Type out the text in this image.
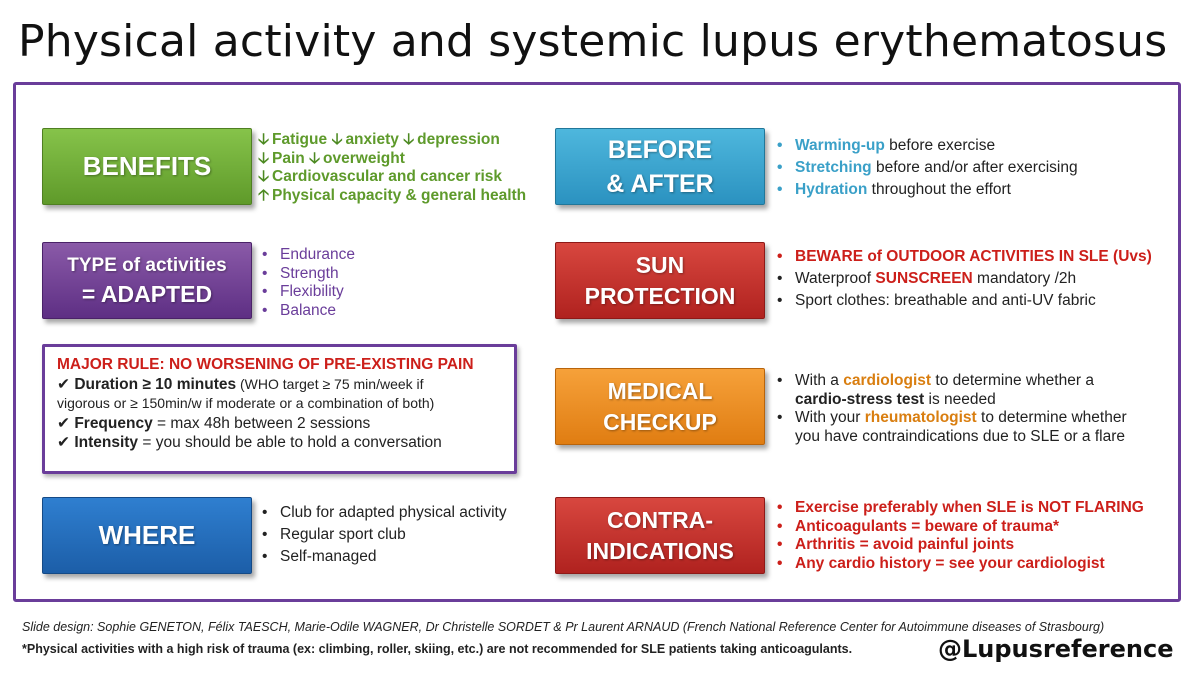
Physical activity and systemic lupus erythematosus
BENEFITS
🡣 Fatigue 🡣 anxiety 🡣 depression
🡣 Pain 🡣 overweight
🡣 Cardiovascular and cancer risk
🡡 Physical capacity & general health
TYPE of activities
= ADAPTED
• Endurance
• Strength
• Flexibility
• Balance
MAJOR RULE: NO WORSENING OF PRE-EXISTING PAIN
✔ Duration ≥ 10 minutes (WHO target ≥ 75 min/week if
vigorous or ≥ 150min/w if moderate or a combination of both)
✔ Frequency = max 48h between 2 sessions
✔ Intensity = you should be able to hold a conversation
WHERE
• Club for adapted physical activity
• Regular sport club
• Self-managed
BEFORE
& AFTER
• Warming-up before exercise
• Stretching before and/or after exercising
• Hydration throughout the effort
SUN
PROTECTION
• BEWARE of OUTDOOR ACTIVITIES IN SLE (Uvs)
• Waterproof SUNSCREEN mandatory /2h
• Sport clothes: breathable and anti-UV fabric
MEDICAL
CHECKUP
• With a cardiologist to determine whether a
cardio-stress test is needed
• With your rheumatologist to determine whether
you have contraindications due to SLE or a flare
CONTRA-
INDICATIONS
• Exercise preferably when SLE is NOT FLARING
• Anticoagulants = beware of trauma*
• Arthritis = avoid painful joints
• Any cardio history = see your cardiologist
Slide design: Sophie GENETON, Félix TAESCH, Marie-Odile WAGNER, Dr Christelle SORDET & Pr Laurent ARNAUD (French National Reference Center for Autoimmune diseases of Strasbourg)
*Physical activities with a high risk of trauma (ex: climbing, roller, skiing, etc.) are not recommended for SLE patients taking anticoagulants.	@Lupusreference
